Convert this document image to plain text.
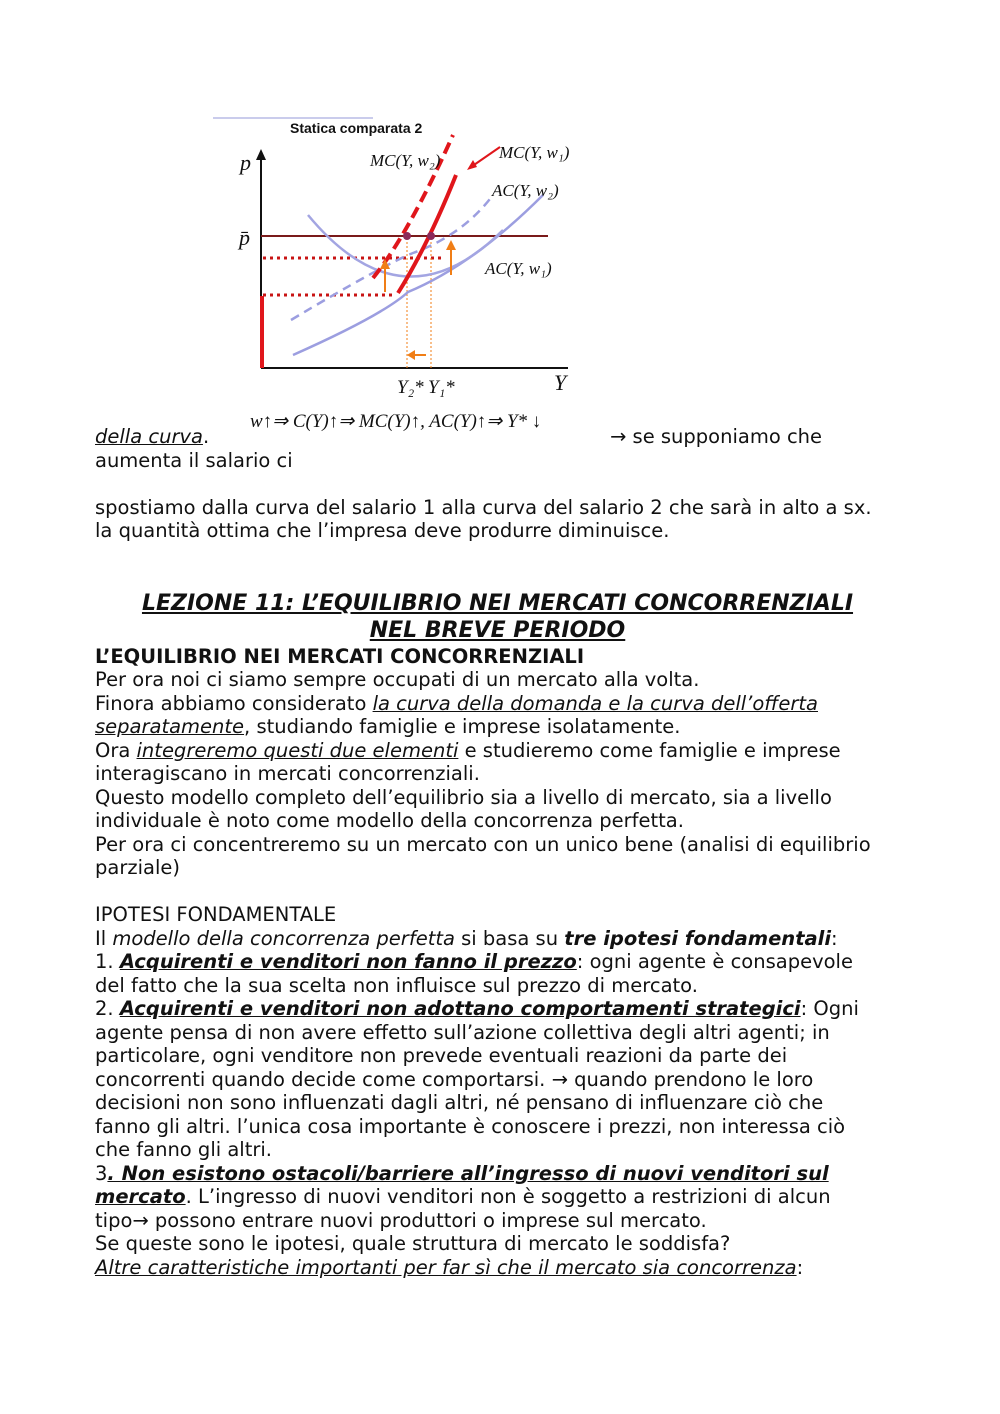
Statica comparata 2
p
p̄
Y
MC(Y, w₂)	MC(Y, w₁)
AC(Y, w₂)
AC(Y, w₁)
Y₂* Y₁*
w↑⇒ C(Y)↑⇒ MC(Y)↑, AC(Y)↑⇒ Y* ↓
della curva.	→ se supponiamo che
aumenta il salario ci
spostiamo dalla curva del salario 1 alla curva del salario 2 che sarà in alto a sx.
la quantità ottima che l’impresa deve produrre diminuisce.
LEZIONE 11: L’EQUILIBRIO NEI MERCATI CONCORRENZIALI
NEL BREVE PERIODO
L’EQUILIBRIO NEI MERCATI CONCORRENZIALI
Per ora noi ci siamo sempre occupati di un mercato alla volta.
Finora abbiamo considerato la curva della domanda e la curva dell’offerta
separatamente, studiando famiglie e imprese isolatamente.
Ora integreremo questi due elementi e studieremo come famiglie e imprese
interagiscano in mercati concorrenziali.
Questo modello completo dell’equilibrio sia a livello di mercato, sia a livello
individuale è noto come modello della concorrenza perfetta.
Per ora ci concentreremo su un mercato con un unico bene (analisi di equilibrio
parziale)
IPOTESI FONDAMENTALE
Il modello della concorrenza perfetta si basa su tre ipotesi fondamentali:
1. Acquirenti e venditori non fanno il prezzo: ogni agente è consapevole
del fatto che la sua scelta non influisce sul prezzo di mercato.
2. Acquirenti e venditori non adottano comportamenti strategici: Ogni
agente pensa di non avere effetto sull’azione collettiva degli altri agenti; in
particolare, ogni venditore non prevede eventuali reazioni da parte dei
concorrenti quando decide come comportarsi. → quando prendono le loro
decisioni non sono influenzati dagli altri, né pensano di influenzare ciò che
fanno gli altri. l’unica cosa importante è conoscere i prezzi, non interessa ciò
che fanno gli altri.
3. Non esistono ostacoli/barriere all’ingresso di nuovi venditori sul
mercato. L’ingresso di nuovi venditori non è soggetto a restrizioni di alcun
tipo→ possono entrare nuovi produttori o imprese sul mercato.
Se queste sono le ipotesi, quale struttura di mercato le soddisfa?
Altre caratteristiche importanti per far sì che il mercato sia concorrenza:
